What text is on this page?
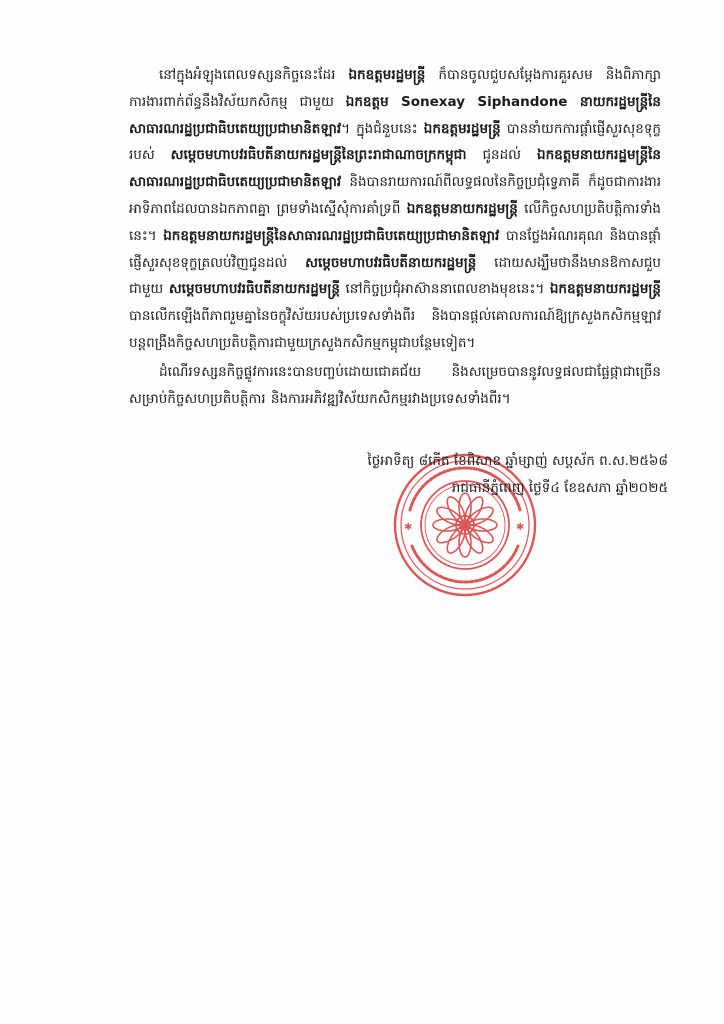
នៅក្នុងអំឡុងពេលទស្សនកិច្ចនេះដែរ ឯកឧត្តមរដ្ឋមន្ត្រី ក៏បានចូលជួបសម្តែងការគួរសម និងពិភាក្សាការងារពាក់ព័ន្ធនឹងវិស័យកសិកម្ម ជាមួយ ឯកឧត្តម Sonexay Siphandone នាយករដ្ឋមន្ត្រីនៃសាធារណរដ្ឋប្រជាធិបតេយ្យប្រជាមានិតឡាវ។ ក្នុងជំនួបនេះ ឯកឧត្តមរដ្ឋមន្ត្រី បាននាំយកការផ្តាំផ្ញើសួរសុខទុក្ខរបស់ សម្តេចមហាបវរធិបតីនាយករដ្ឋមន្ត្រីនៃព្រះរាជាណាចក្រកម្ពុជា ជូនដល់ ឯកឧត្តមនាយករដ្ឋមន្ត្រីនៃសាធារណរដ្ឋប្រជាធិបតេយ្យប្រជាមានិតឡាវ និងបានរាយការណ៍ពីលទ្ធផលនៃកិច្ចប្រជុំទ្វេភាគី ក៏ដូចជាការងារអាទិភាពដែលបានឯកភាពគ្នា ព្រមទាំងស្នើសុំការគាំទ្រពី ឯកឧត្តមនាយករដ្ឋមន្ត្រី លើកិច្ចសហប្រតិបត្តិការទាំងនេះ។ ឯកឧត្តមនាយករដ្ឋមន្ត្រីនៃសាធារណរដ្ឋប្រជាធិបតេយ្យប្រជាមានិតឡាវ បានថ្លែងអំណរគុណ និងបានផ្តាំផ្ញើសួរសុខទុក្ខត្រលប់វិញជូនដល់ សម្តេចមហាបវរធិបតីនាយករដ្ឋមន្ត្រី ដោយសង្ឃឹមថានឹងមានឱកាសជួបជាមួយ សម្តេចមហាបវរធិបតីនាយករដ្ឋមន្ត្រី នៅកិច្ចប្រជុំអាស៊ាននាពេលខាងមុខនេះ។ ឯកឧត្តមនាយករដ្ឋមន្ត្រី បានលើកឡើងពីភាពរួមគ្នានៃចក្ខុវិស័យរបស់ប្រទេសទាំងពីរ និងបានផ្តល់គោលការណ៍ឱ្យក្រសួងកសិកម្មឡាវបន្តពង្រឹងកិច្ចសហប្រតិបត្តិការជាមួយក្រសួងកសិកម្មកម្ពុជាបន្ថែមទៀត។

ដំណើរទស្សនកិច្ចផ្លូវការនេះបានបញ្ចប់ដោយជោគជ័យ និងសម្រេចបាននូវលទ្ធផលជាផ្លែផ្កាជាច្រើនសម្រាប់កិច្ចសហប្រតិបត្តិការ និងការអភិវឌ្ឍវិស័យកសិកម្មរវាងប្រទេសទាំងពីរ។

✱	✱
ថ្ងៃអាទិត្យ ៨កើត ខែពិសាខ ឆ្នាំម្សាញ់ សប្តស័ក ព.ស.២៥៦៨
រាជធានីភ្នំពេញ ថ្ងៃទី៤ ខែឧសភា ឆ្នាំ២០២៥
